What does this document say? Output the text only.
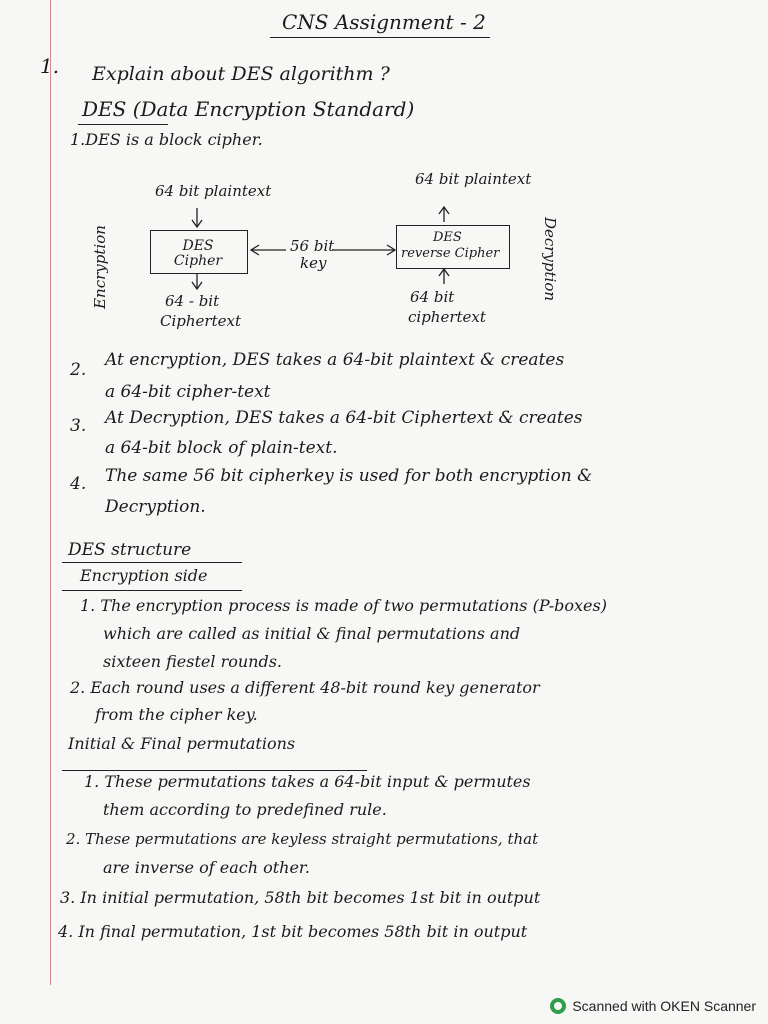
CNS Assignment - 2
1. Explain about DES algorithm ?
DES (Data Encryption Standard)
1.DES is a block cipher.
64 bit plaintext
DES Cipher
64 - bit
Ciphertext
56 bit
key
64 bit plaintext
DES
reverse Cipher
64 bit
ciphertext
Encryption	Decryption
2. At encryption, DES takes a 64-bit plaintext & creates
a 64-bit cipher-text
3. At Decryption, DES takes a 64-bit Ciphertext & creates
a 64-bit block of plain-text.
4. The same 56 bit cipherkey is used for both encryption &
Decryption.
DES structure
Encryption side
1. The encryption process is made of two permutations (P-boxes)
which are called as initial & final permutations and
sixteen fiestel rounds.
2. Each round uses a different 48-bit round key generator
from the cipher key.
Initial & Final permutations
1. These permutations takes a 64-bit input & permutes
them according to predefined rule.
2. These permutations are keyless straight permutations, that
are inverse of each other.
3. In initial permutation, 58th bit becomes 1st bit in output
4. In final permutation, 1st bit becomes 58th bit in output
Scanned with OKEN Scanner
